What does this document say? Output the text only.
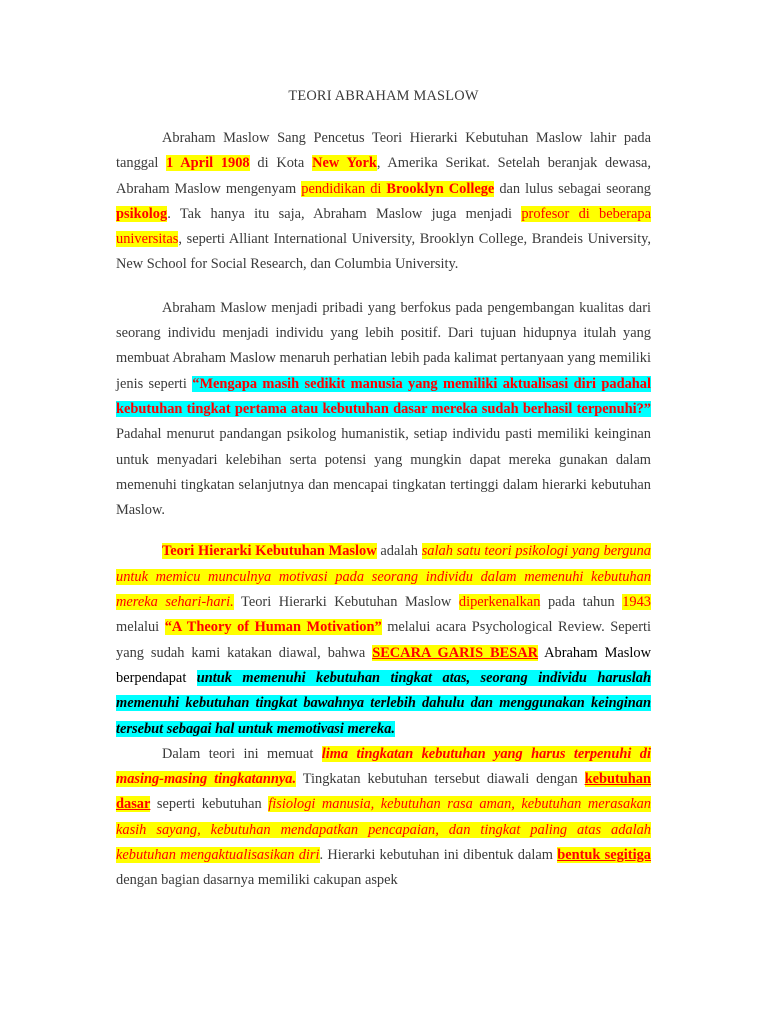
TEORI ABRAHAM MASLOW

Abraham Maslow Sang Pencetus Teori Hierarki Kebutuhan Maslow lahir pada tanggal 1 April 1908 di Kota New York, Amerika Serikat. Setelah beranjak dewasa, Abraham Maslow mengenyam pendidikan di Brooklyn College dan lulus sebagai seorang psikolog. Tak hanya itu saja, Abraham Maslow juga menjadi profesor di beberapa universitas, seperti Alliant International University, Brooklyn College, Brandeis University, New School for Social Research, dan Columbia University.

Abraham Maslow menjadi pribadi yang berfokus pada pengembangan kualitas dari seorang individu menjadi individu yang lebih positif. Dari tujuan hidupnya itulah yang membuat Abraham Maslow menaruh perhatian lebih pada kalimat pertanyaan yang memiliki jenis seperti “Mengapa masih sedikit manusia yang memiliki aktualisasi diri padahal kebutuhan tingkat pertama atau kebutuhan dasar mereka sudah berhasil terpenuhi?” Padahal menurut pandangan psikolog humanistik, setiap individu pasti memiliki keinginan untuk menyadari kelebihan serta potensi yang mungkin dapat mereka gunakan dalam memenuhi tingkatan selanjutnya dan mencapai tingkatan tertinggi dalam hierarki kebutuhan Maslow.

Teori Hierarki Kebutuhan Maslow adalah salah satu teori psikologi yang berguna untuk memicu munculnya motivasi pada seorang individu dalam memenuhi kebutuhan mereka sehari-hari. Teori Hierarki Kebutuhan Maslow diperkenalkan pada tahun 1943 melalui “A Theory of Human Motivation” melalui acara Psychological Review. Seperti yang sudah kami katakan diawal, bahwa SECARA GARIS BESAR Abraham Maslow berpendapat untuk memenuhi kebutuhan tingkat atas, seorang individu haruslah memenuhi kebutuhan tingkat bawahnya terlebih dahulu dan menggunakan keinginan tersebut sebagai hal untuk memotivasi mereka.

Dalam teori ini memuat lima tingkatan kebutuhan yang harus terpenuhi di masing-masing tingkatannya. Tingkatan kebutuhan tersebut diawali dengan kebutuhan dasar seperti kebutuhan fisiologi manusia, kebutuhan rasa aman, kebutuhan merasakan kasih sayang, kebutuhan mendapatkan pencapaian, dan tingkat paling atas adalah kebutuhan mengaktualisasikan diri. Hierarki kebutuhan ini dibentuk dalam bentuk segitiga dengan bagian dasarnya memiliki cakupan aspek
